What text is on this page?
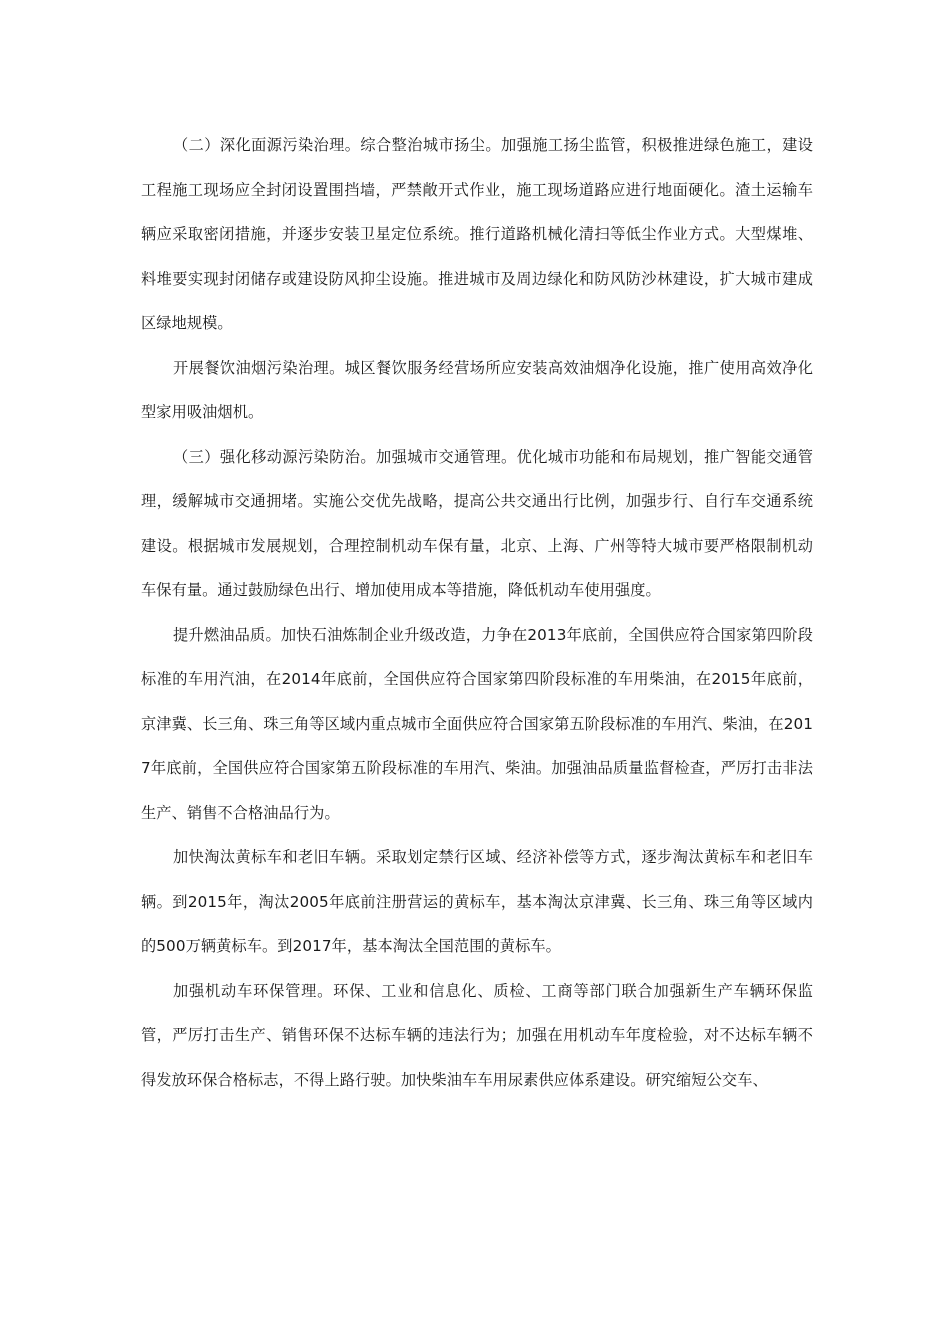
（二）深化面源污染治理。综合整治城市扬尘。加强施工扬尘监管，积极推进绿色施工，建设工程施工现场应全封闭设置围挡墙，严禁敞开式作业，施工现场道路应进行地面硬化。渣土运输车辆应采取密闭措施，并逐步安装卫星定位系统。推行道路机械化清扫等低尘作业方式。大型煤堆、料堆要实现封闭储存或建设防风抑尘设施。推进城市及周边绿化和防风防沙林建设，扩大城市建成区绿地规模。

开展餐饮油烟污染治理。城区餐饮服务经营场所应安装高效油烟净化设施，推广使用高效净化型家用吸油烟机。

（三）强化移动源污染防治。加强城市交通管理。优化城市功能和布局规划，推广智能交通管理，缓解城市交通拥堵。实施公交优先战略，提高公共交通出行比例，加强步行、自行车交通系统建设。根据城市发展规划，合理控制机动车保有量，北京、上海、广州等特大城市要严格限制机动车保有量。通过鼓励绿色出行、增加使用成本等措施，降低机动车使用强度。

提升燃油品质。加快石油炼制企业升级改造，力争在2013年底前，全国供应符合国家第四阶段标准的车用汽油，在2014年底前，全国供应符合国家第四阶段标准的车用柴油，在2015年底前，京津冀、长三角、珠三角等区域内重点城市全面供应符合国家第五阶段标准的车用汽、柴油，在2017年底前，全国供应符合国家第五阶段标准的车用汽、柴油。加强油品质量监督检查，严厉打击非法生产、销售不合格油品行为。

加快淘汰黄标车和老旧车辆。采取划定禁行区域、经济补偿等方式，逐步淘汰黄标车和老旧车辆。到2015年，淘汰2005年底前注册营运的黄标车，基本淘汰京津冀、长三角、珠三角等区域内的500万辆黄标车。到2017年，基本淘汰全国范围的黄标车。

加强机动车环保管理。环保、工业和信息化、质检、工商等部门联合加强新生产车辆环保监管，严厉打击生产、销售环保不达标车辆的违法行为；加强在用机动车年度检验，对不达标车辆不得发放环保合格标志，不得上路行驶。加快柴油车车用尿素供应体系建设。研究缩短公交车、
